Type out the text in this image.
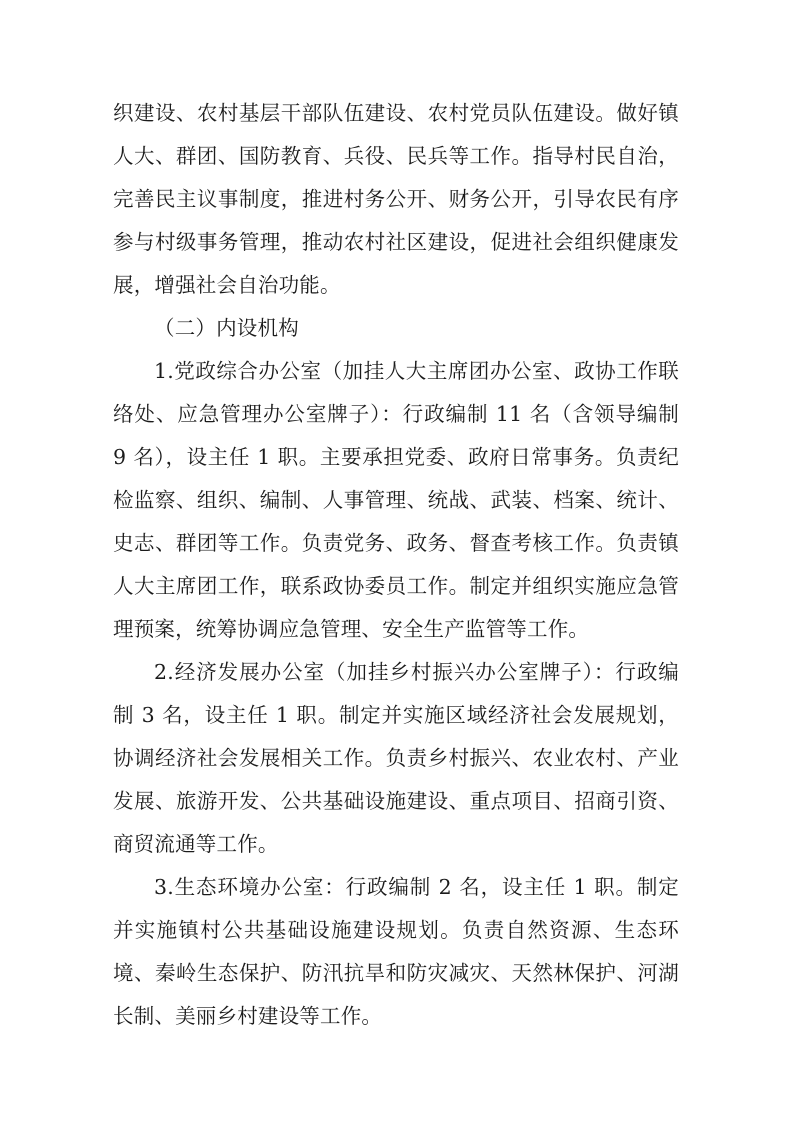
织建设、农村基层干部队伍建设、农村党员队伍建设。做好镇人大、群团、国防教育、兵役、民兵等工作。指导村民自治，完善民主议事制度，推进村务公开、财务公开，引导农民有序参与村级事务管理，推动农村社区建设，促进社会组织健康发展，增强社会自治功能。

（二）内设机构

1.党政综合办公室（加挂人大主席团办公室、政协工作联络处、应急管理办公室牌子）：行政编制 11 名（含领导编制 9 名），设主任 1 职。主要承担党委、政府日常事务。负责纪检监察、组织、编制、人事管理、统战、武装、档案、统计、史志、群团等工作。负责党务、政务、督查考核工作。负责镇人大主席团工作，联系政协委员工作。制定并组织实施应急管理预案，统筹协调应急管理、安全生产监管等工作。

2.经济发展办公室（加挂乡村振兴办公室牌子）：行政编制 3 名，设主任 1 职。制定并实施区域经济社会发展规划，协调经济社会发展相关工作。负责乡村振兴、农业农村、产业发展、旅游开发、公共基础设施建设、重点项目、招商引资、商贸流通等工作。

3.生态环境办公室：行政编制 2 名，设主任 1 职。制定并实施镇村公共基础设施建设规划。负责自然资源、生态环境、秦岭生态保护、防汛抗旱和防灾减灾、天然林保护、河湖长制、美丽乡村建设等工作。
